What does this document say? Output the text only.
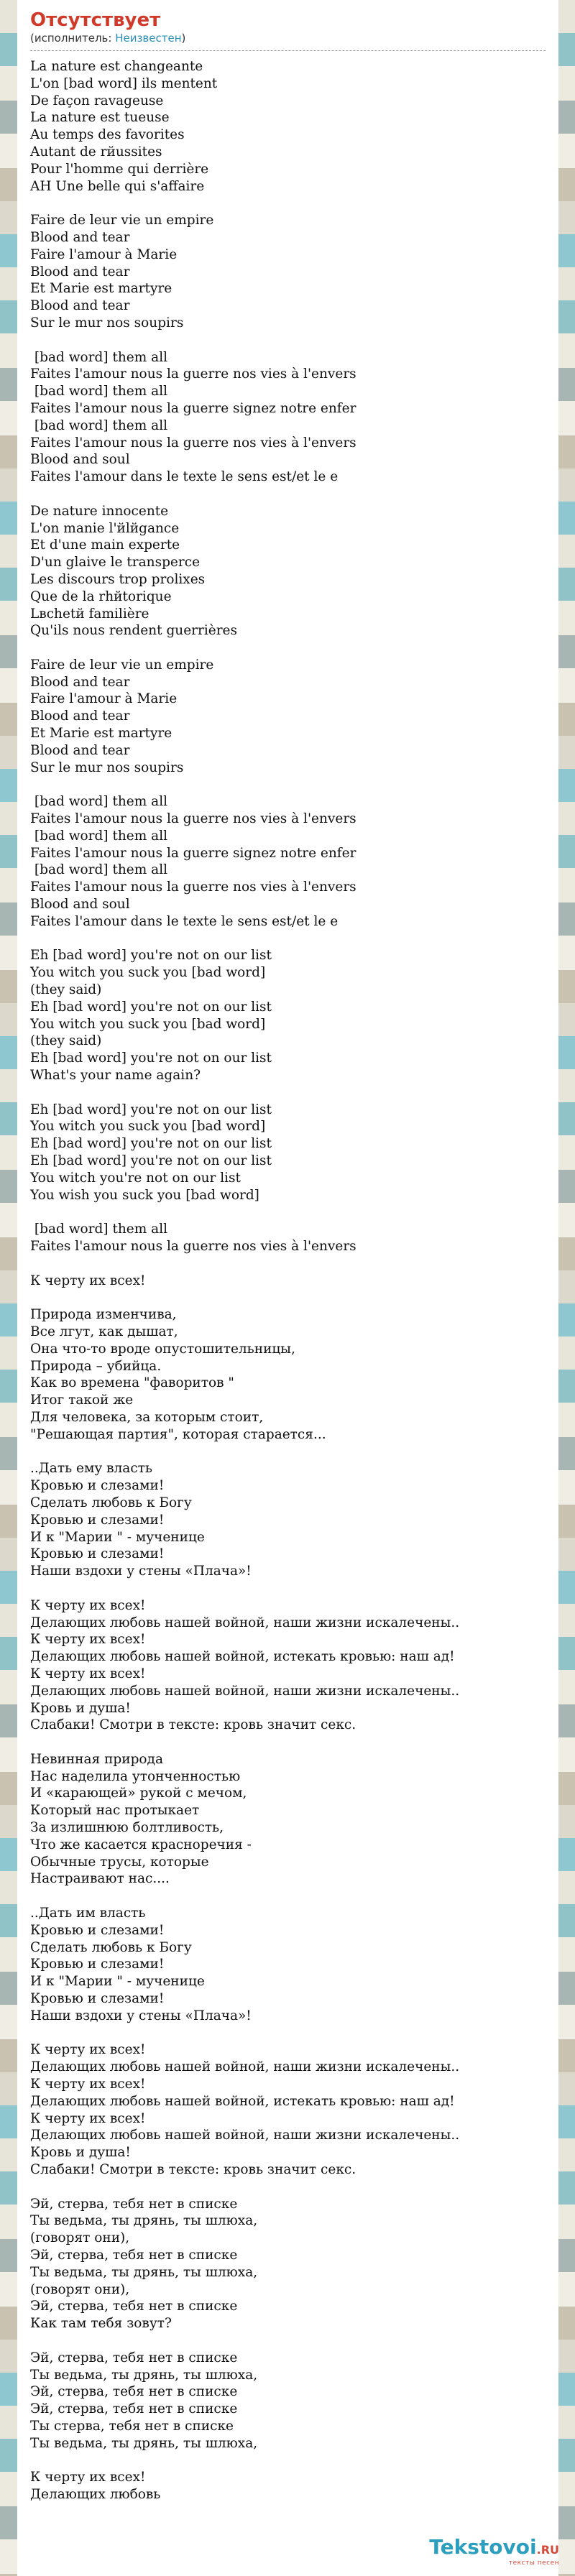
Отсутствует
(исполнитель: Неизвестен)
La nature est changeante
L'on [bad word] ils mentent
De façon ravageuse
La nature est tueuse
Au temps des favorites
Autant de rйussites
Pour l'homme qui derrière
AH Une belle qui s'affaire
Faire de leur vie un empire
Blood and tear
Faire l'amour à Marie
Blood and tear
Et Marie est martyre
Blood and tear
Sur le mur nos soupirs
[bad word] them all
Faites l'amour nous la guerre nos vies à l'envers
[bad word] them all
Faites l'amour nous la guerre signez notre enfer
[bad word] them all
Faites l'amour nous la guerre nos vies à l'envers
Blood and soul
Faites l'amour dans le texte le sens est/et le e
De nature innocente
L'on manie l'йlйgance
Et d'une main experte
D'un glaive le transperce
Les discours trop prolixes
Que de la rhйtorique
Lвchetй familière
Qu'ils nous rendent guerrières
Faire de leur vie un empire
Blood and tear
Faire l'amour à Marie
Blood and tear
Et Marie est martyre
Blood and tear
Sur le mur nos soupirs
[bad word] them all
Faites l'amour nous la guerre nos vies à l'envers
[bad word] them all
Faites l'amour nous la guerre signez notre enfer
[bad word] them all
Faites l'amour nous la guerre nos vies à l'envers
Blood and soul
Faites l'amour dans le texte le sens est/et le e
Eh [bad word] you're not on our list
You witch you suck you [bad word]
(they said)
Eh [bad word] you're not on our list
You witch you suck you [bad word]
(they said)
Eh [bad word] you're not on our list
What's your name again?
Eh [bad word] you're not on our list
You witch you suck you [bad word]
Eh [bad word] you're not on our list
Eh [bad word] you're not on our list
You witch you're not on our list
You wish you suck you [bad word]
[bad word] them all
Faites l'amour nous la guerre nos vies à l'envers
К черту их всех!
Природа изменчива,
Все лгут, как дышат,
Она что-то вроде опустошительницы,
Природа – убийца.
Как во времена "фаворитов "
Итог такой же
Для человека, за которым стоит,
"Решающая партия", которая старается...
..Дать ему власть
Кровью и слезами!
Сделать любовь к Богу
Кровью и слезами!
И к "Марии " - мученице
Кровью и слезами!
Наши вздохи у стены «Плача»!
К черту их всех!
Делающих любовь нашей войной, наши жизни искалечены..
К черту их всех!
Делающих любовь нашей войной, истекать кровью: наш ад!
К черту их всех!
Делающих любовь нашей войной, наши жизни искалечены..
Кровь и душа!
Слабаки! Смотри в тексте: кровь значит секс.
Невинная природа
Нас наделила утонченностью
И «карающей» рукой с мечом,
Который нас протыкает
За излишнюю болтливость,
Что же касается красноречия -
Обычные трусы, которые
Настраивают нас....
..Дать им власть
Кровью и слезами!
Сделать любовь к Богу
Кровью и слезами!
И к "Марии " - мученице
Кровью и слезами!
Наши вздохи у стены «Плача»!
К черту их всех!
Делающих любовь нашей войной, наши жизни искалечены..
К черту их всех!
Делающих любовь нашей войной, истекать кровью: наш ад!
К черту их всех!
Делающих любовь нашей войной, наши жизни искалечены..
Кровь и душа!
Слабаки! Смотри в тексте: кровь значит секс.
Эй, стерва, тебя нет в списке
Ты ведьма, ты дрянь, ты шлюха,
(говорят они),
Эй, стерва, тебя нет в списке
Ты ведьма, ты дрянь, ты шлюха,
(говорят они),
Эй, стерва, тебя нет в списке
Как там тебя зовут?
Эй, стерва, тебя нет в списке
Ты ведьма, ты дрянь, ты шлюха,
Эй, стерва, тебя нет в списке
Эй, стерва, тебя нет в списке
Ты стерва, тебя нет в списке
Ты ведьма, ты дрянь, ты шлюха,
К черту их всех!
Делающих любовь
Tekstovoi.RU
тексты песен
